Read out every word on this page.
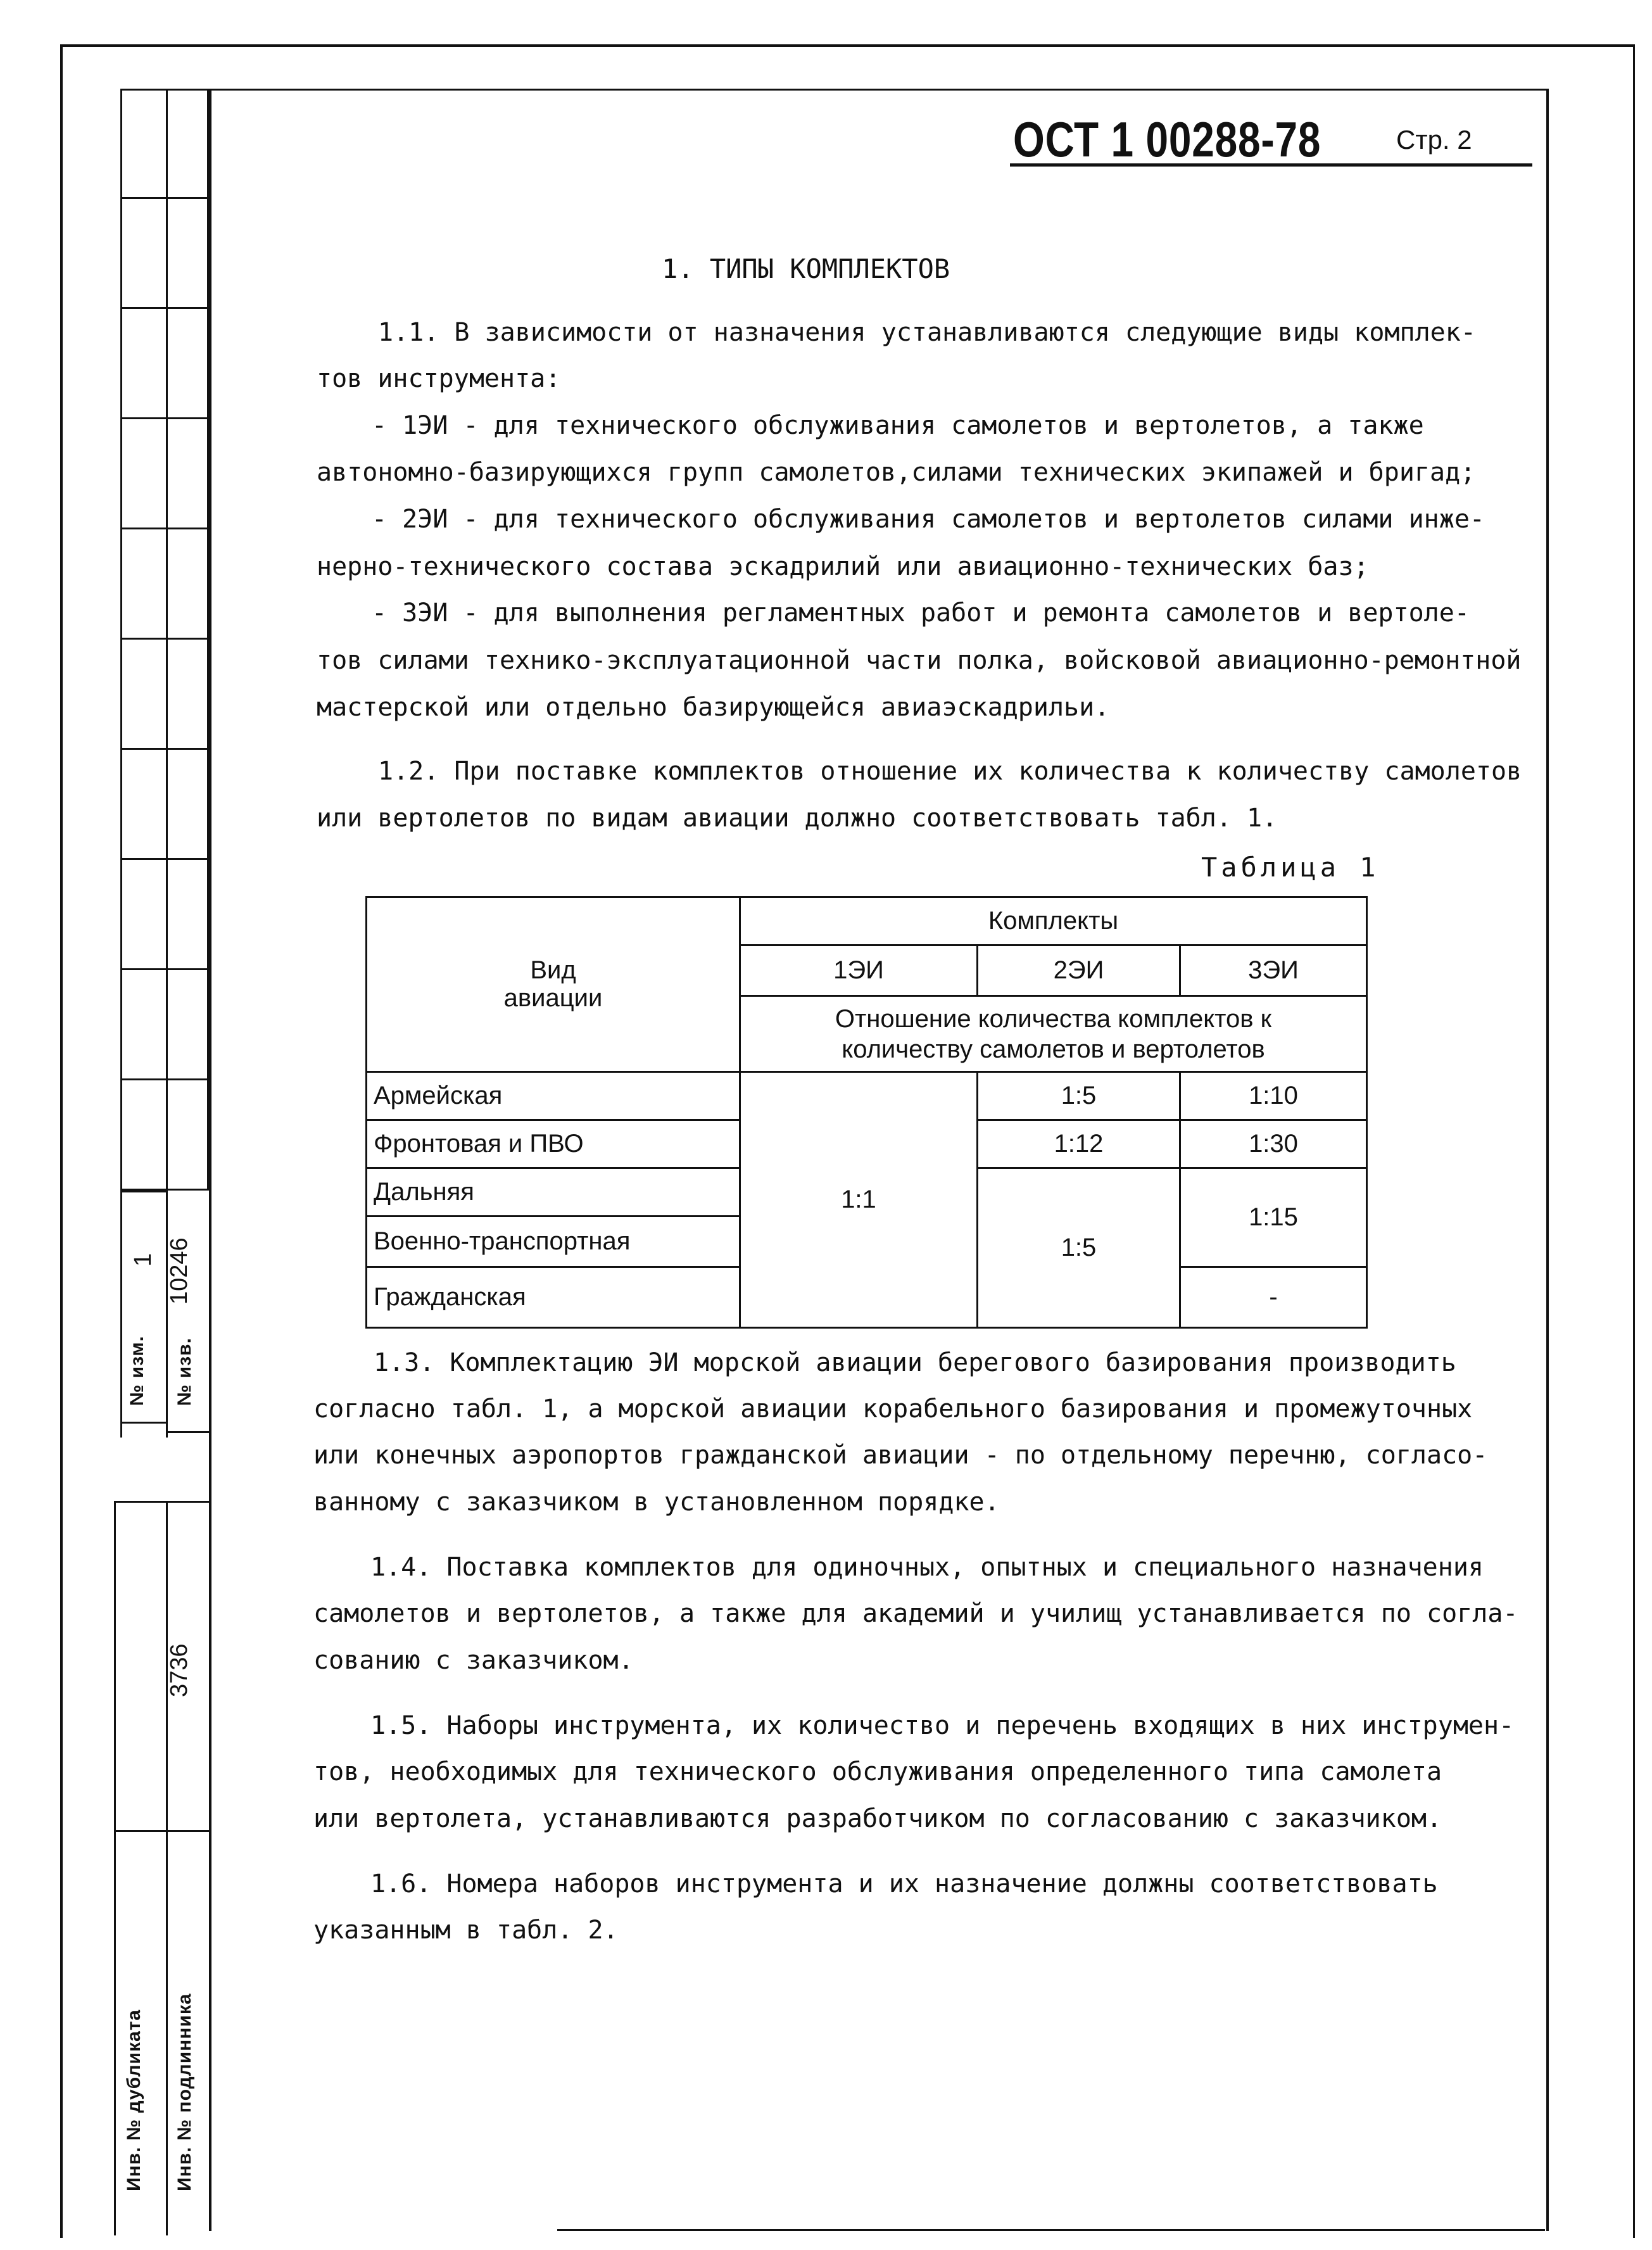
1 10246
№ изм. № изв.
3736
Инв. № дубликата Инв. № подлинника
ОСТ 1 00288-78	Стр. 2
1. ТИПЫ КОМПЛЕКТОВ
1.1. В зависимости от назначения устанавливаются следующие виды комплек-
тов инструмента:
- 1ЭИ - для технического обслуживания самолетов и вертолетов, а также
автономно-базирующихся групп самолетов,силами технических экипажей и бригад;
- 2ЭИ - для технического обслуживания самолетов и вертолетов силами инже-
нерно-технического состава эскадрилий или авиационно-технических баз;
- 3ЭИ - для выполнения регламентных работ и ремонта самолетов и вертоле-
тов силами технико-эксплуатационной части полка, войсковой авиационно-ремонтной
мастерской или отдельно базирующейся авиаэскадрильи.
1.2. При поставке комплектов отношение их количества к количеству самолетов
или вертолетов по видам авиации должно соответствовать табл. 1.
Таблица 1
Вид авиации	Комплекты		
	1ЭИ	2ЭИ	3ЭИ

	Отношение количества комплектов к
количеству самолетов и вертолетов		

Армейская	1:1	1:5	1:10
Фронтовая и ПВО		1:12	1:30
Дальняя		1:5	1:15
Военно-транспортная			
Гражданская			-
1.3. Комплектацию ЭИ морской авиации берегового базирования производить
согласно табл. 1, а морской авиации корабельного базирования и промежуточных
или конечных аэропортов гражданской авиации - по отдельному перечню, согласо-
ванному с заказчиком в установленном порядке.
1.4. Поставка комплектов для одиночных, опытных и специального назначения
самолетов и вертолетов, а также для академий и училищ устанавливается по согла-
сованию с заказчиком.
1.5. Наборы инструмента, их количество и перечень входящих в них инструмен-
тов, необходимых для технического обслуживания определенного типа самолета
или вертолета, устанавливаются разработчиком по согласованию с заказчиком.
1.6. Номера наборов инструмента и их назначение должны соответствовать
указанным в табл. 2.
